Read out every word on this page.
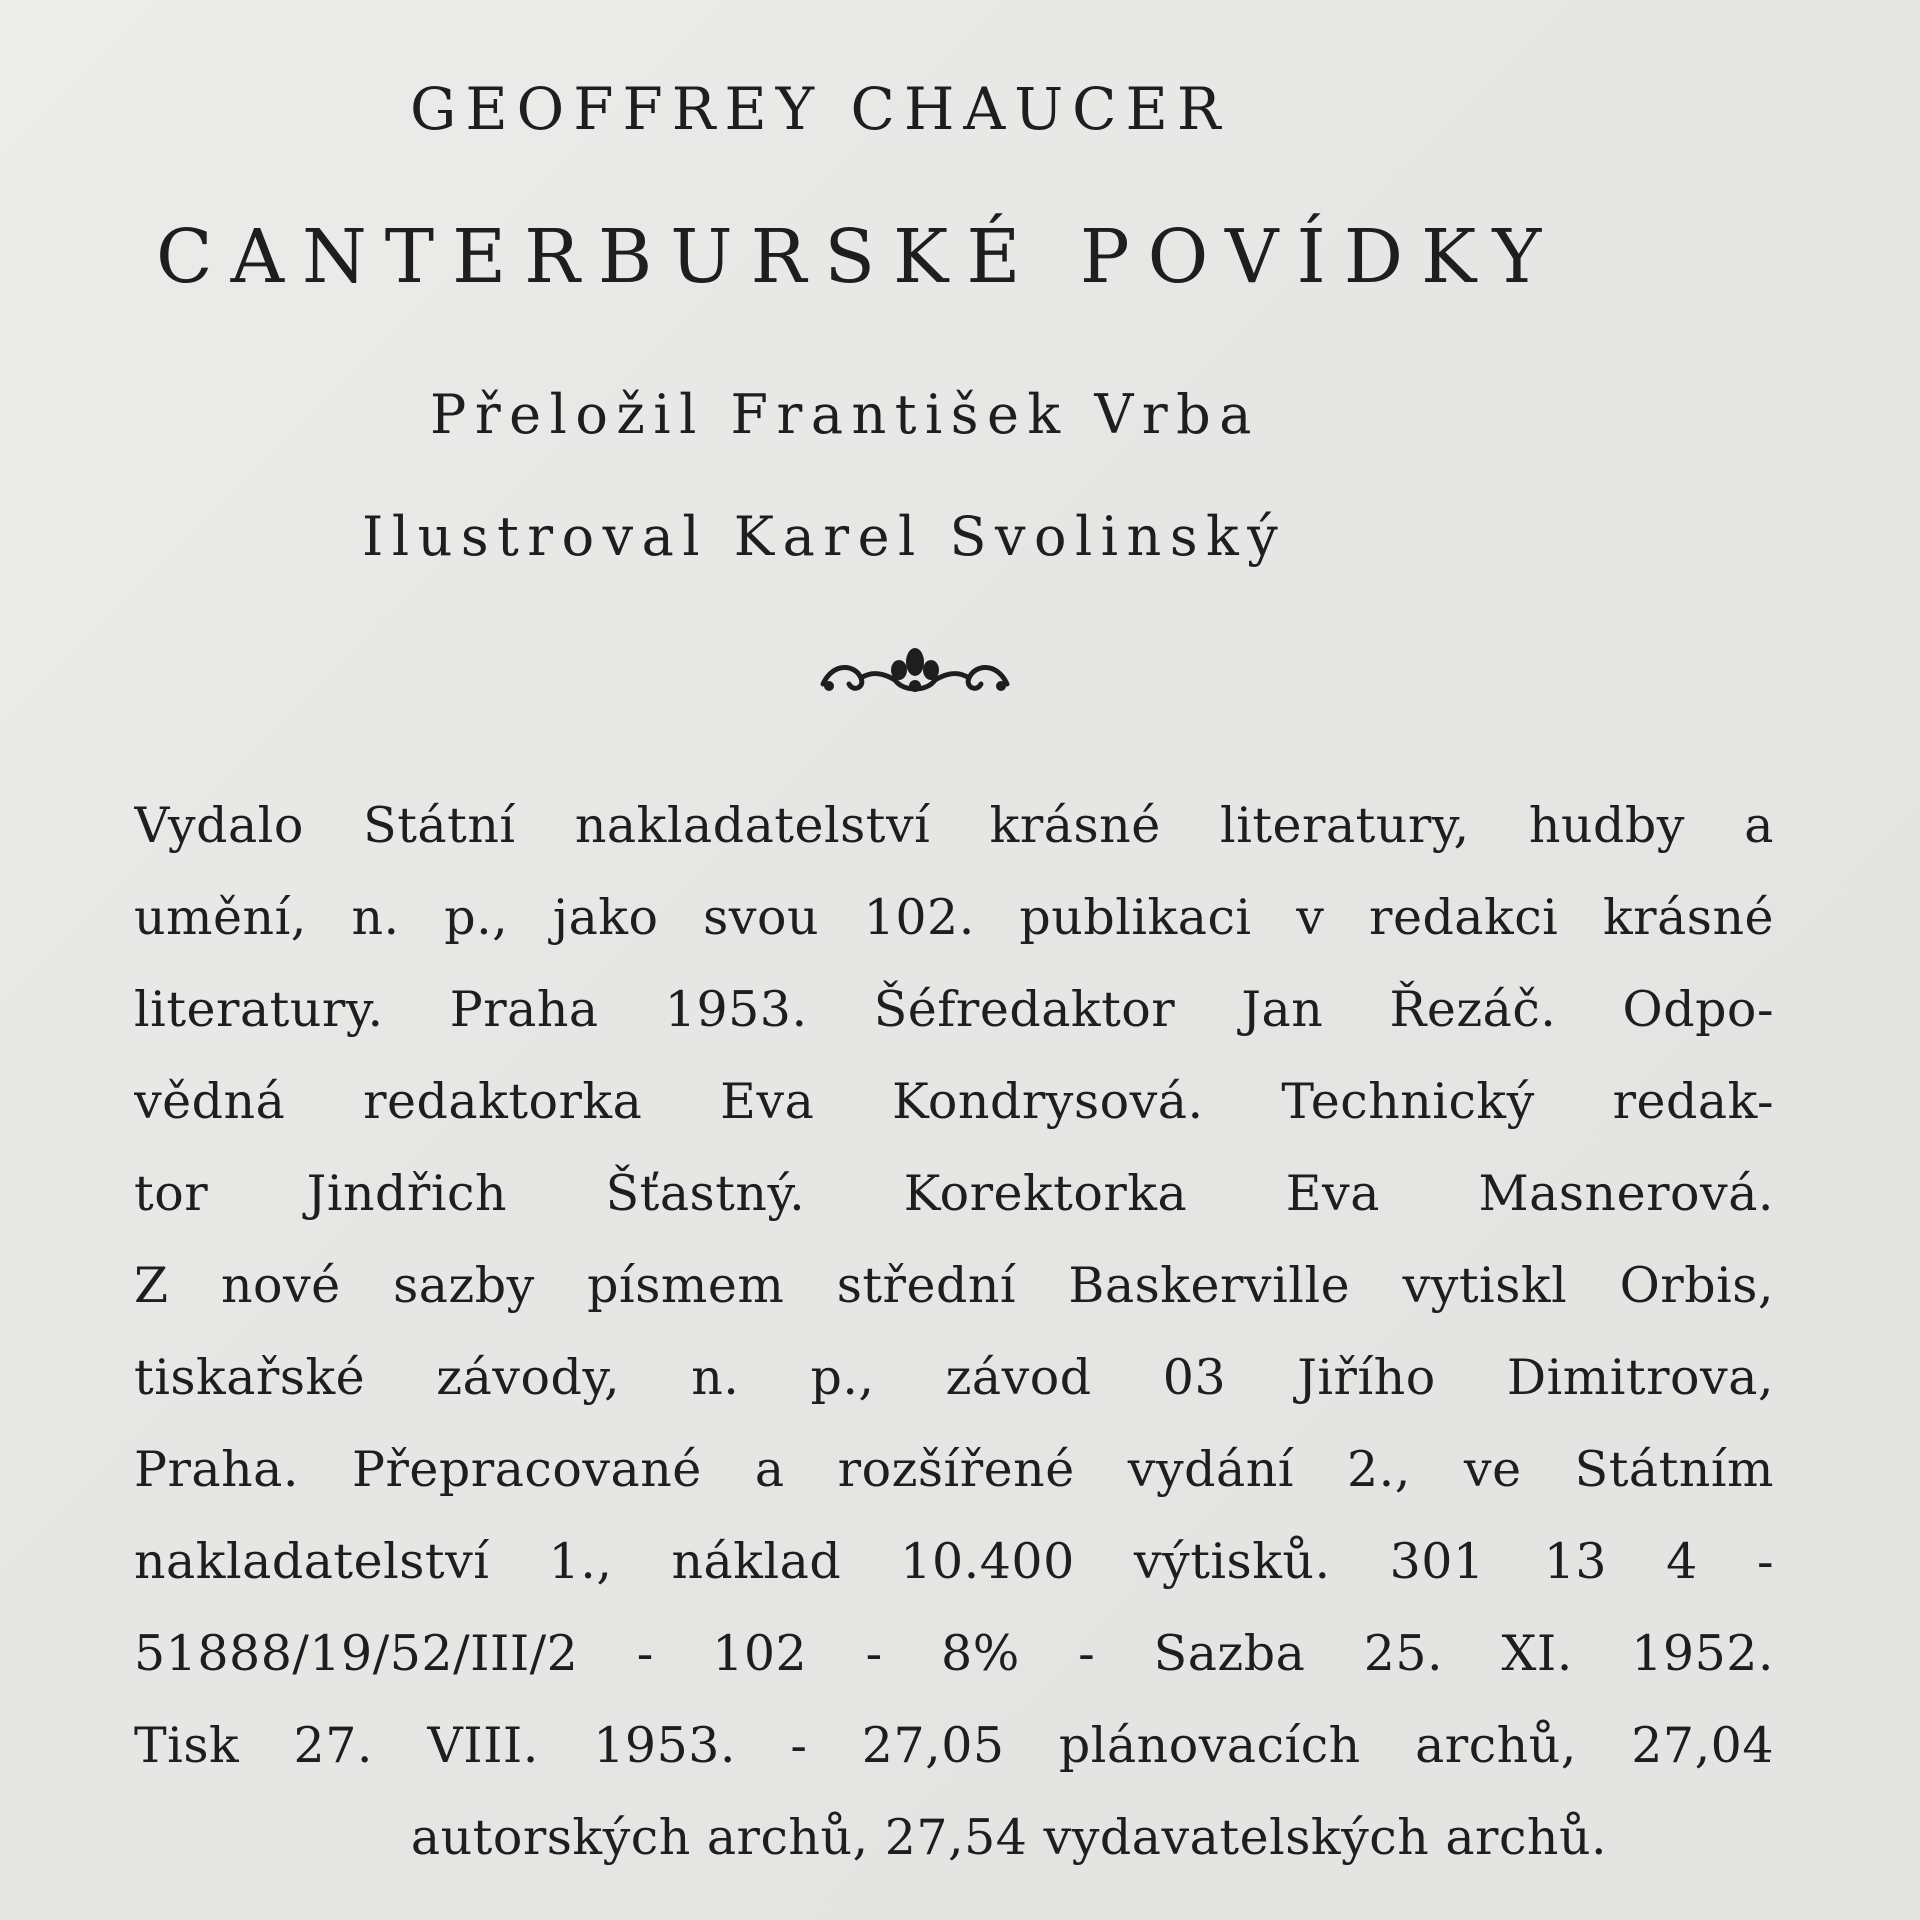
GEOFFREY CHAUCER
CANTERBURSKÉ POVÍDKY
Přeložil František Vrba
Ilustroval Karel Svolinský
Vydalo Státní nakladatelství krásné literatury, hudby a
umění, n. p., jako svou 102. publikaci v redakci krásné
literatury. Praha 1953. Šéfredaktor Jan Řezáč. Odpo-
vědná redaktorka Eva Kondrysová. Technický redak-
tor Jindřich Šťastný. Korektorka Eva Masnerová.
Z nové sazby písmem střední Baskerville vytiskl Orbis,
tiskařské závody, n. p., závod 03 Jiřího Dimitrova,
Praha. Přepracované a rozšířené vydání 2., ve Státním
nakladatelství 1., náklad 10.400 výtisků. 301 13 4 -
51888/19/52/III/2 - 102 - 8% - Sazba 25. XI. 1952.
Tisk 27. VIII. 1953. - 27,05 plánovacích archů, 27,04
autorských archů, 27,54 vydavatelských archů.
